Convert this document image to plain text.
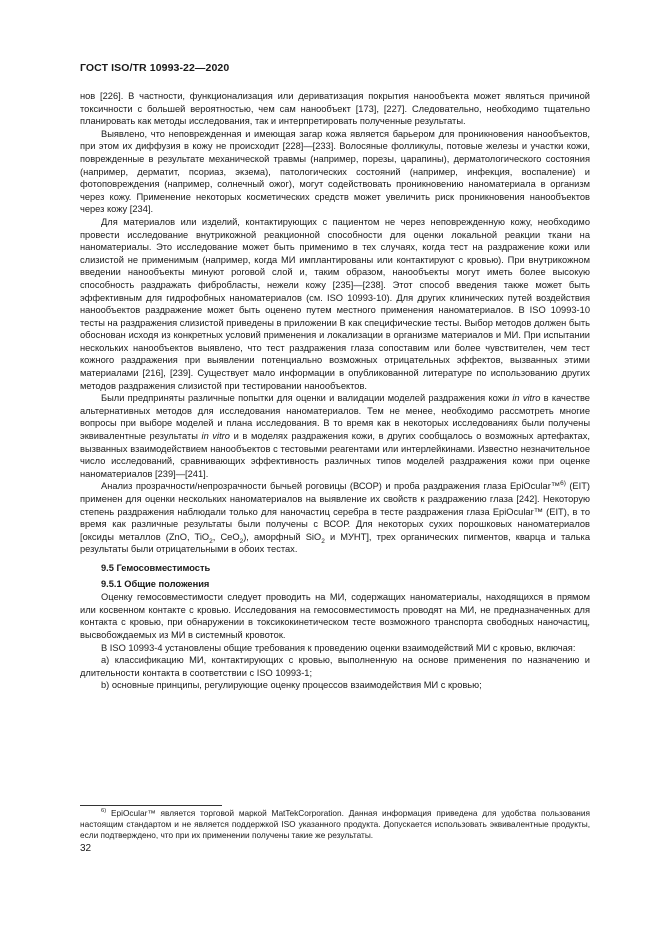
ГОСТ ISO/TR 10993-22—2020

нов [226]. В частности, функционализация или дериватизация покрытия нанообъекта может являться причиной токсичности с большей вероятностью, чем сам нанообъект [173], [227]. Следовательно, необходимо тщательно планировать как методы исследования, так и интерпретировать полученные результаты.

Выявлено, что неповрежденная и имеющая загар кожа является барьером для проникновения нанообъектов, при этом их диффузия в кожу не происходит [228]—[233]. Волосяные фолликулы, потовые железы и участки кожи, поврежденные в результате механической травмы (например, порезы, царапины), дерматологического состояния (например, дерматит, псориаз, экзема), патологических состояний (например, инфекция, воспаление) и фотоповреждения (например, солнечный ожог), могут содействовать проникновению наноматериала в организм через кожу. Применение некоторых косметических средств может увеличить риск проникновения нанообъектов через кожу [234].

Для материалов или изделий, контактирующих с пациентом не через неповрежденную кожу, необходимо провести исследование внутрикожной реакционной способности для оценки локальной реакции ткани на наноматериалы. Это исследование может быть применимо в тех случаях, когда тест на раздражение кожи или слизистой не применимым (например, когда МИ имплантированы или контактируют с кровью). При внутрикожном введении нанообъекты минуют роговой слой и, таким образом, нанообъекты могут иметь более высокую способность раздражать фибробласты, нежели кожу [235]—[238]. Этот способ введения также может быть эффективным для гидрофобных наноматериалов (см. ISO 10993-10). Для других клинических путей воздействия нанообъектов раздражение может быть оценено путем местного применения наноматериалов. В ISO 10993-10 тесты на раздражения слизистой приведены в приложении В как специфические тесты. Выбор методов должен быть обоснован исходя из конкретных условий применения и локализации в организме материалов и МИ. При испытании нескольких нанообъектов выявлено, что тест раздражения глаза сопоставим или более чувствителен, чем тест кожного раздражения при выявлении потенциально возможных отрицательных эффектов, вызванных этими материалами [216], [239]. Существует мало информации в опубликованной литературе по использованию других методов раздражения слизистой при тестировании нанообъектов.

Были предприняты различные попытки для оценки и валидации моделей раздражения кожи in vitro в качестве альтернативных методов для исследования наноматериалов. Тем не менее, необходимо рассмотреть многие вопросы при выборе моделей и плана исследования. В то время как в некоторых исследованиях были получены эквивалентные результаты in vitro и в моделях раздражения кожи, в других сообщалось о возможных артефактах, вызванных взаимодействием нанообъектов с тестовыми реагентами или интерлейкинами. Известно незначительное число исследований, сравнивающих эффективность различных типов моделей раздражения кожи при оценке наноматериалов [239]—[241].

Анализ прозрачности/непрозрачности бычьей роговицы (ВСОР) и проба раздражения глаза EpiOcular™$^{6)}$ (EIT) применен для оценки нескольких наноматериалов на выявление их свойств к раздражению глаза [242]. Некоторую степень раздражения наблюдали только для наночастиц серебра в тесте раздражения глаза EpiOcular™ (EIT), в то время как различные результаты были получены с ВСОР. Для некоторых сухих порошковых наноматериалов [оксиды металлов (ZnO, TiO$_2$, CeO$_2$), аморфный SiO$_2$ и МУНТ], трех органических пигментов, кварца и талька результаты были отрицательными в обоих тестах.

9.5 Гемосовместимость

9.5.1 Общие положения

Оценку гемосовместимости следует проводить на МИ, содержащих наноматериалы, находящихся в прямом или косвенном контакте с кровью. Исследования на гемосовместимость проводят на МИ, не предназначенных для контакта с кровью, при обнаружении в токсикокинетическом тесте возможного транспорта свободных наночастиц, высвобождаемых из МИ в системный кровоток.

В ISO 10993-4 установлены общие требования к проведению оценки взаимодействий МИ с кровью, включая:

а) классификацию МИ, контактирующих с кровью, выполненную на основе применения по назначению и длительности контакта в соответствии с ISO 10993-1;

b) основные принципы, регулирующие оценку процессов взаимодействия МИ с кровью;

$^{6)}$ EpiOcular™ является торговой маркой MatTekCorporation. Данная информация приведена для удобства пользования настоящим стандартом и не является поддержкой ISO указанного продукта. Допускается использовать эквивалентные продукты, если подтверждено, что при их применении получены такие же результаты.
32
